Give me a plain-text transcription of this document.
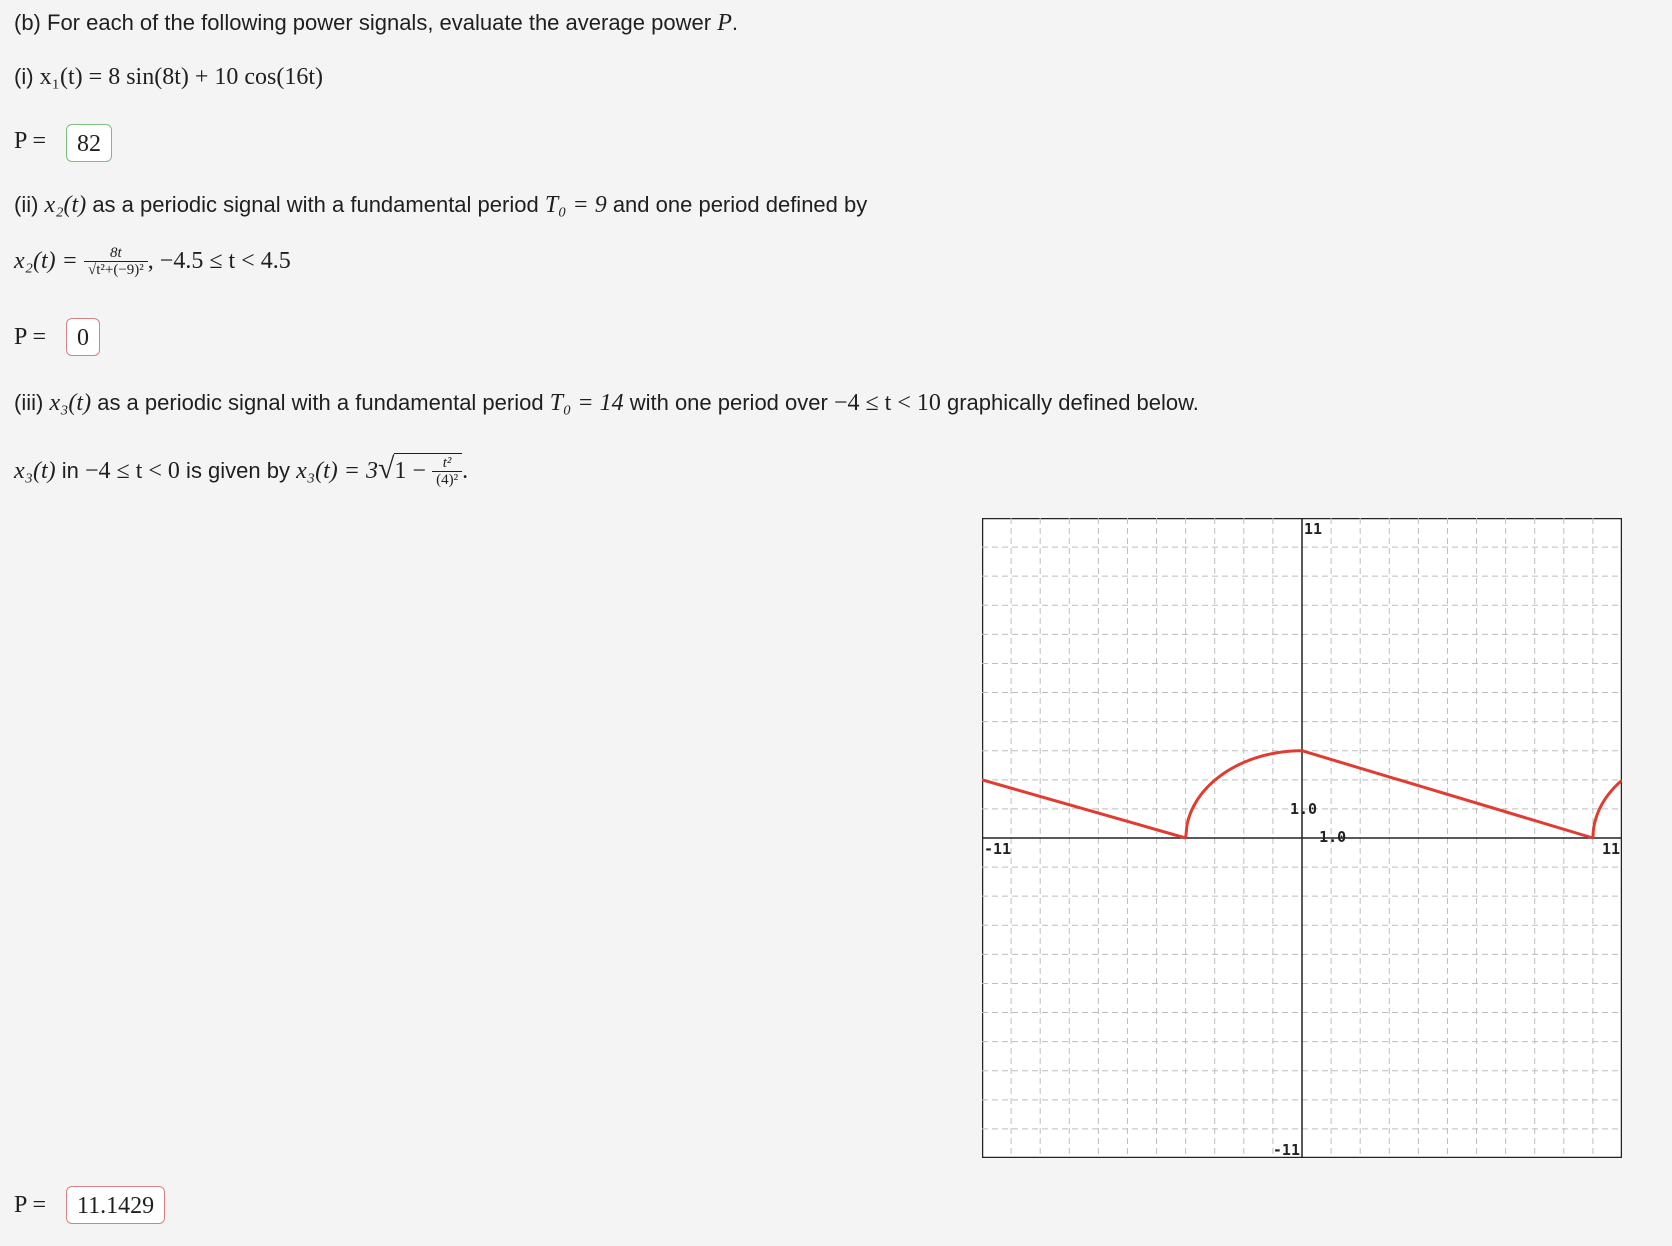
(b) For each of the following power signals, evaluate the average power P.
(i) x₁(t) = 8 sin(8t) + 10 cos(16t)
P =	82
(ii) x₂(t) as a periodic signal with a fundamental period T₀ = 9 and one period defined by
$x_2(t) = \frac{8t}{\text{√t²+(−9)²}}$ , −4.5 ≤ t < 4.5
P =	0
(iii) x₃(t) as a periodic signal with a fundamental period T₀ = 14 with one period over −4 ≤ t < 10 graphically defined below.
x₃(t) in −4 ≤ t < 0 is given by $x_3(t) = 3√1 - \frac{\text{t²}}{\text{(4)²}}$ .
-11	11
11
-11
1.0
1.0
P =	11.1429
